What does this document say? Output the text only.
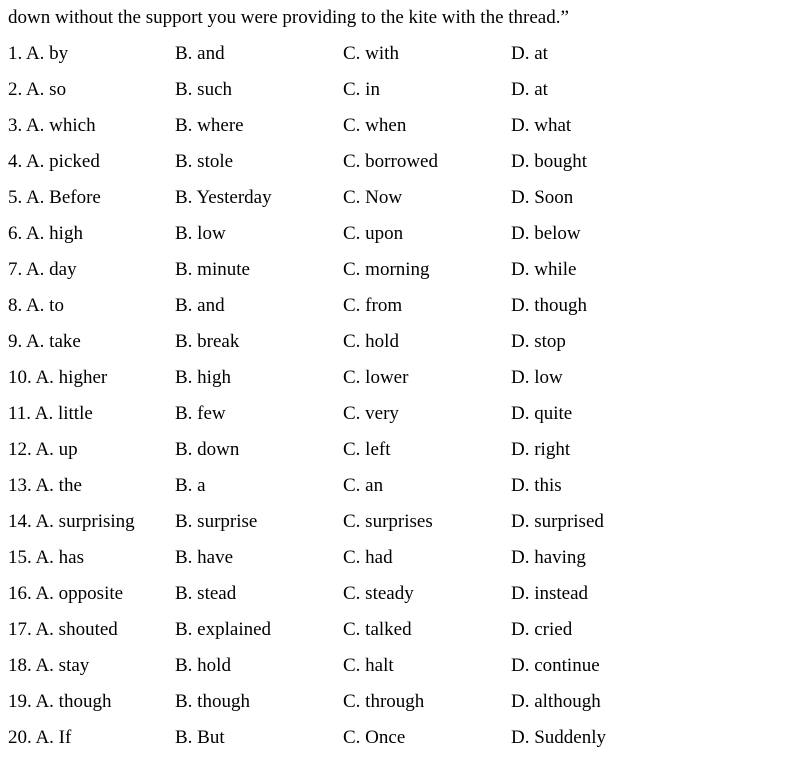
down without the support you were providing to the kite with the thread.”
1. A. by	B. and	C. with	D. at
2. A. so	B. such	C. in	D. at
3. A. which	B. where	C. when	D. what
4. A. picked	B. stole	C. borrowed	D. bought
5. A. Before	B. Yesterday	C. Now	D. Soon
6. A. high	B. low	C. upon	D. below
7. A. day	B. minute	C. morning	D. while
8. A. to	B. and	C. from	D. though
9. A. take	B. break	C. hold	D. stop
10. A. higher	B. high	C. lower	D. low
11. A. little	B. few	C. very	D. quite
12. A. up	B. down	C. left	D. right
13. A. the	B. a	C. an	D. this
14. A. surprising	B. surprise	C. surprises	D. surprised
15. A. has	B. have	C. had	D. having
16. A. opposite	B. stead	C. steady	D. instead
17. A. shouted	B. explained	C. talked	D. cried
18. A. stay	B. hold	C. halt	D. continue
19. A. though	B. though	C. through	D. although
20. A. If	B. But	C. Once	D. Suddenly
